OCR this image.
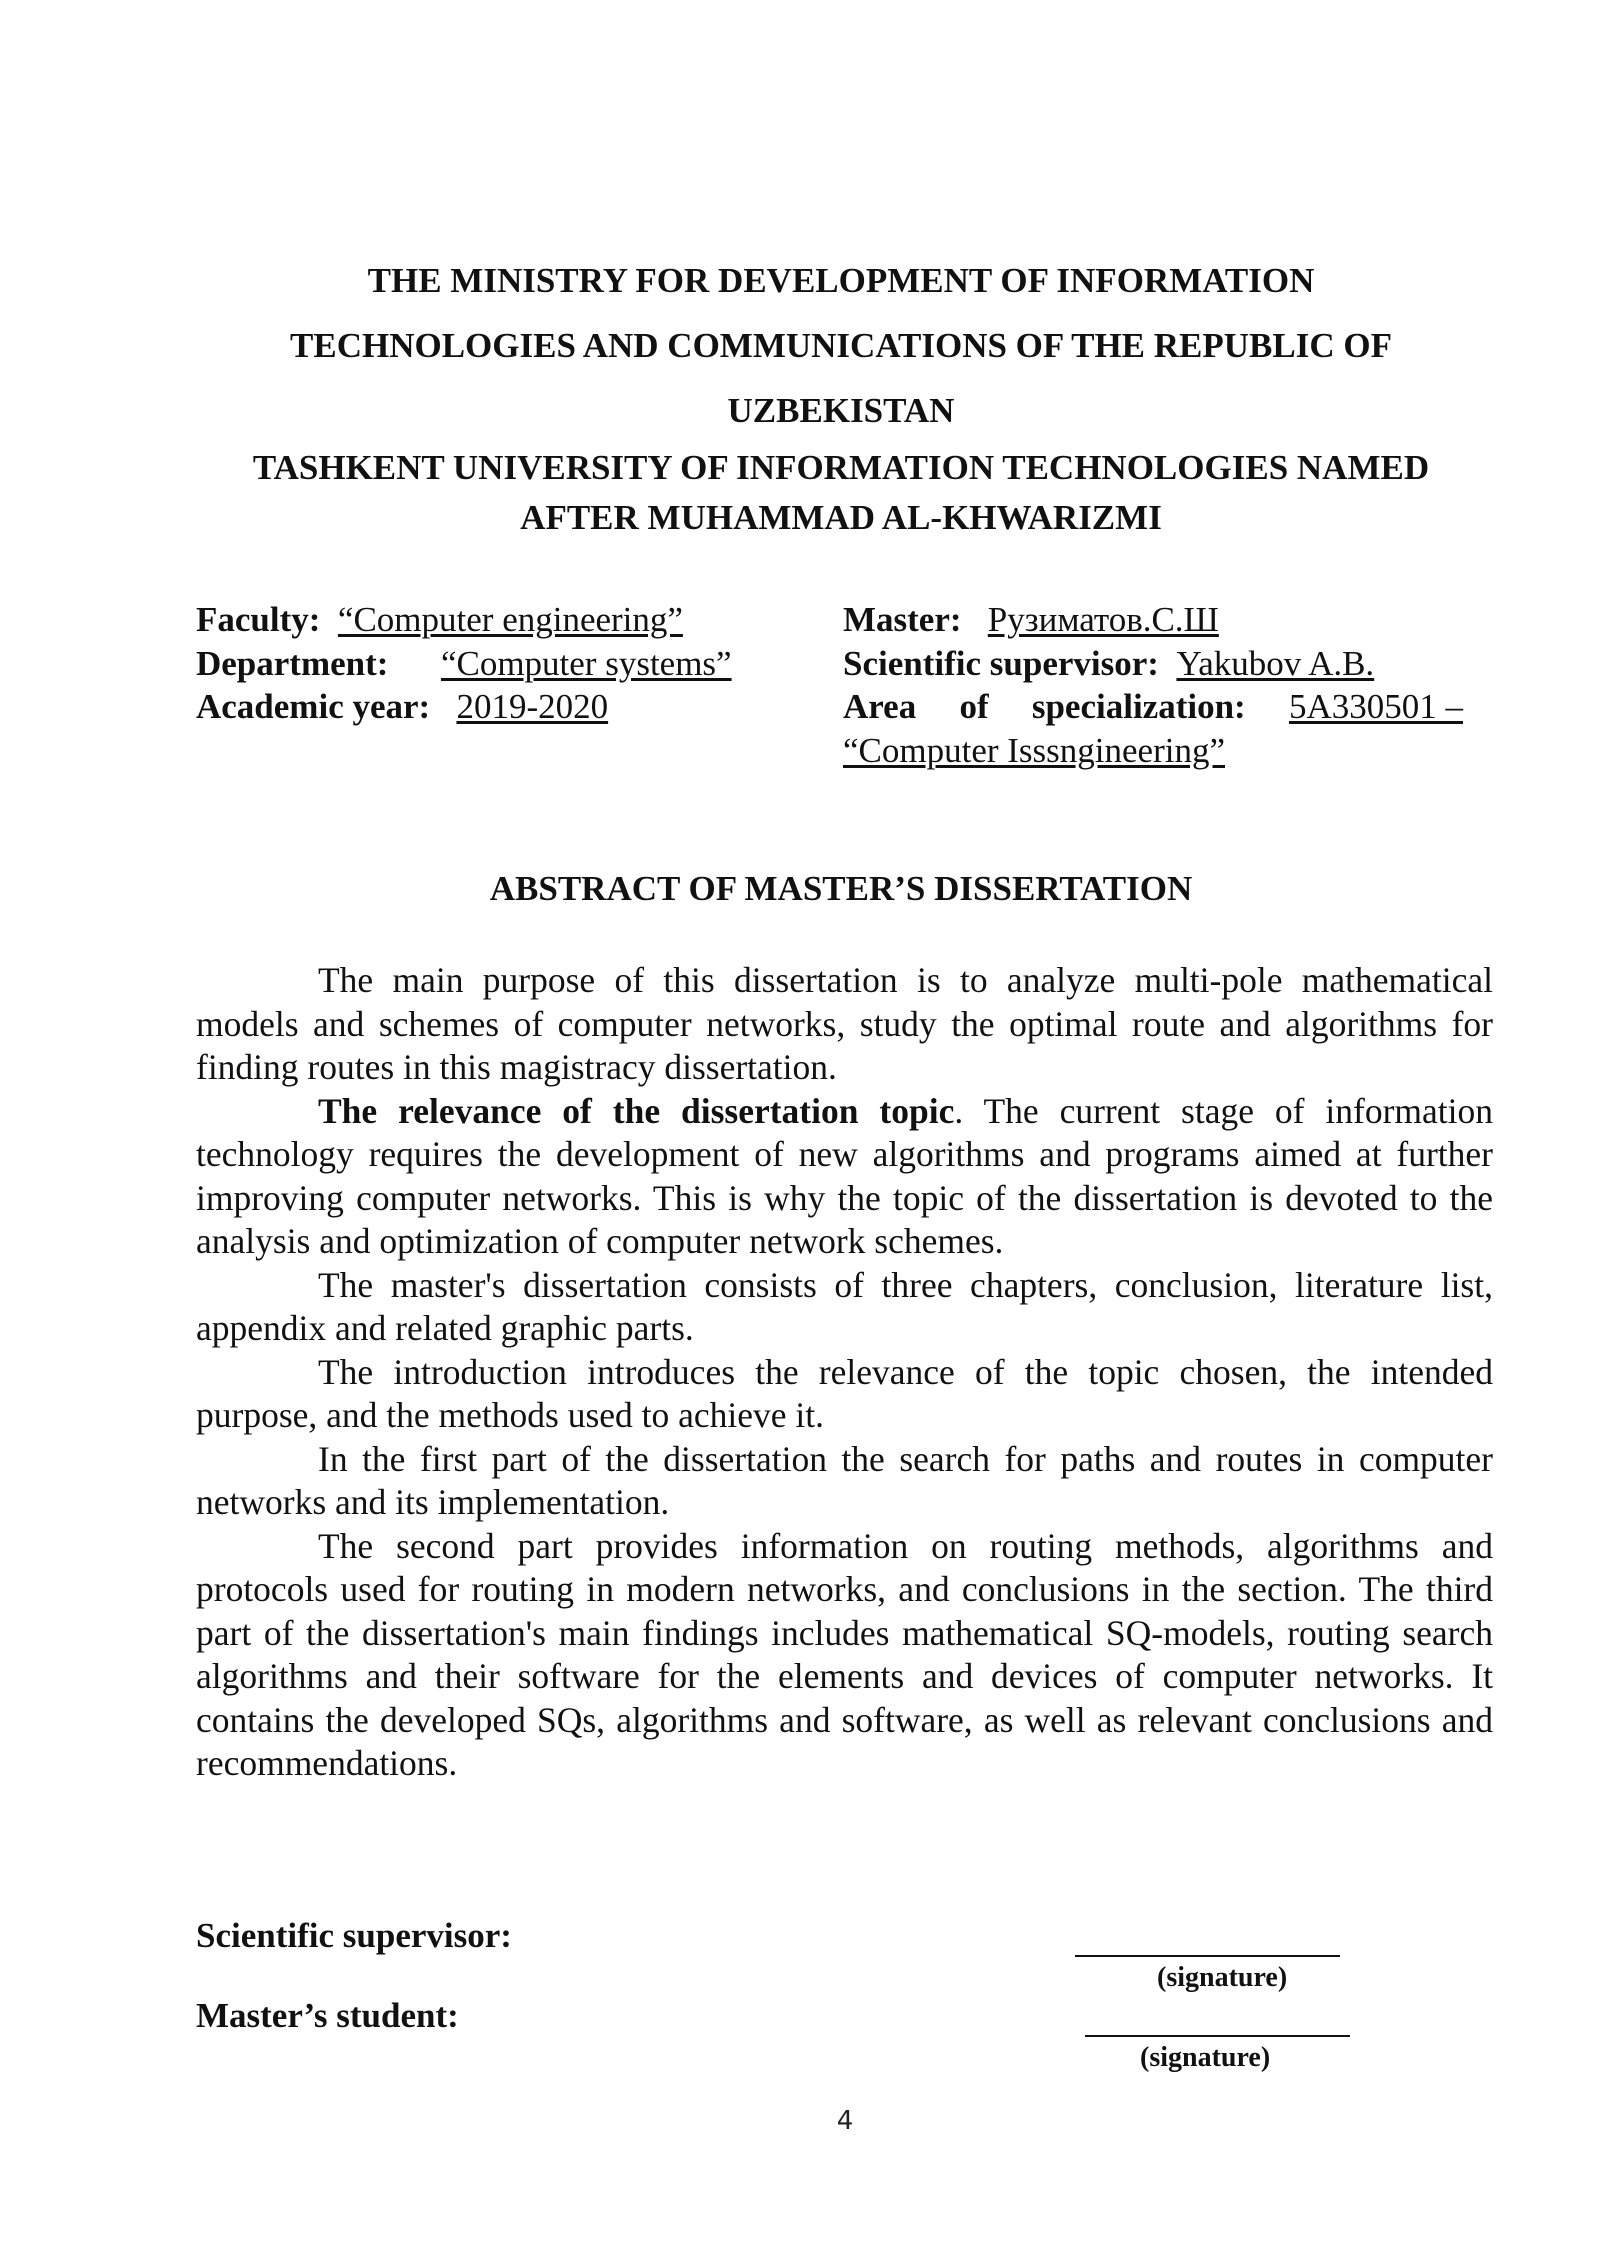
THE MINISTRY FOR DEVELOPMENT OF INFORMATION

TECHNOLOGIES AND COMMUNICATIONS OF THE REPUBLIC OF

UZBEKISTAN

TASHKENT UNIVERSITY OF INFORMATION TECHNOLOGIES NAMED

AFTER MUHAMMAD AL-KHWARIZMI

Faculty: “Computer engineering”
Department: “Computer systems”
Academic year: 2019-2020
Master: Рузиматов.С.Ш
Scientific supervisor: Yakubov A.B.
Area of specialization: 5A330501 –
“Computer Isssngineering”
ABSTRACT OF MASTER’S DISSERTATION

The main purpose of this dissertation is to analyze multi-pole mathematical models and schemes of computer networks, study the optimal route and algorithms for finding routes in this magistracy dissertation.

The relevance of the dissertation topic. The current stage of information technology requires the development of new algorithms and programs aimed at further improving computer networks. This is why the topic of the dissertation is devoted to the analysis and optimization of computer network schemes.

The master's dissertation consists of three chapters, conclusion, literature list, appendix and related graphic parts.

The introduction introduces the relevance of the topic chosen, the intended purpose, and the methods used to achieve it.

In the first part of the dissertation the search for paths and routes in computer networks and its implementation.

The second part provides information on routing methods, algorithms and protocols used for routing in modern networks, and conclusions in the section. The third part of the dissertation's main findings includes mathematical SQ-models, routing search algorithms and their software for the elements and devices of computer networks. It contains the developed SQs, algorithms and software, as well as relevant conclusions and recommendations.

Scientific supervisor:
(signature)
Master’s student:
(signature)
4
